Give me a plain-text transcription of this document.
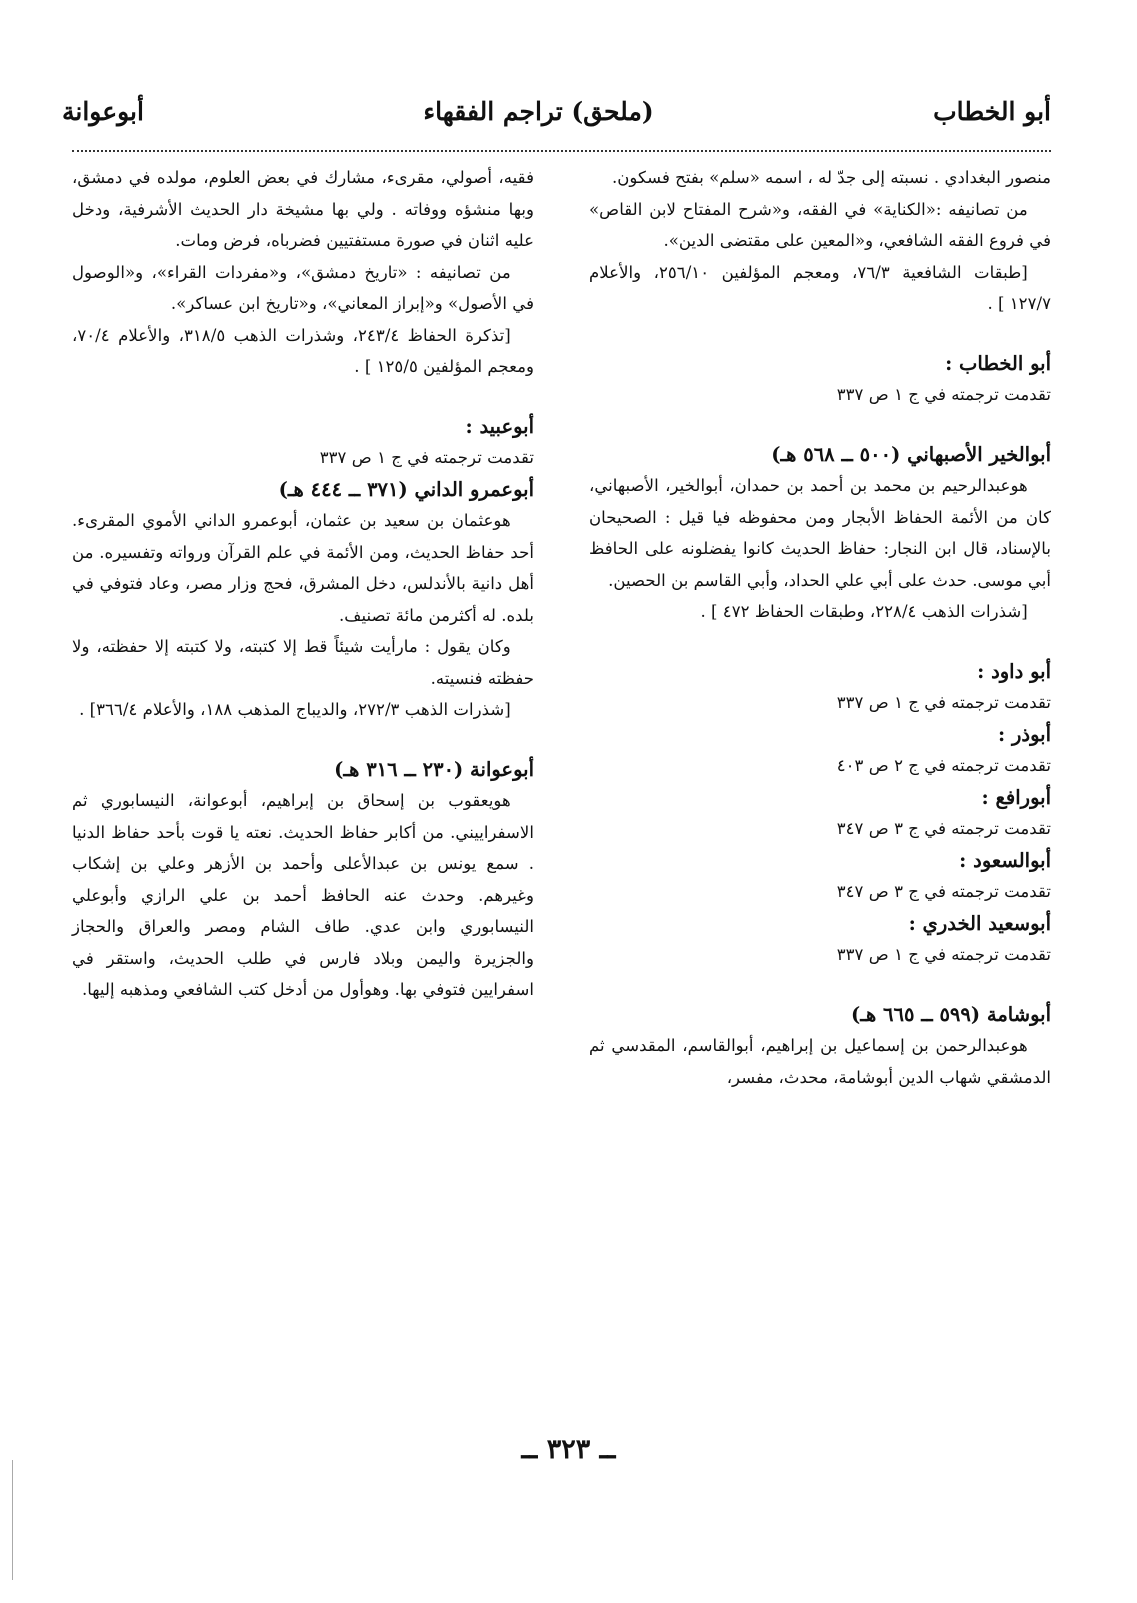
أبو الخطاب
(ملحق) تراجم الفقهاء
أبوعوانة

منصور البغدادي . نسبته إلى جدّ له ، اسمه «سلم» بفتح فسكون.

من تصانيفه :«الكناية» في الفقه، و«شرح المفتاح لابن القاص» في فروع الفقه الشافعي، و«المعين على مقتضى الدين».

[طبقات الشافعية ٧٦/٣، ومعجم المؤلفين ٢٥٦/١٠، والأعلام ١٢٧/٧ ] .

أبو الخطاب :

تقدمت ترجمته في ج ١ ص ٣٣٧

أبوالخير الأصبهاني (٥٠٠ ــ ٥٦٨ هـ)

هوعبدالرحيم بن محمد بن أحمد بن حمدان، أبوالخير، الأصبهاني، كان من الأئمة الحفاظ الأبجار ومن محفوظه فيا قيل : الصحيحان بالإسناد، قال ابن النجار: حفاظ الحديث كانوا يفضلونه على الحافظ أبي موسى. حدث على أبي علي الحداد، وأبي القاسم بن الحصين.

[شذرات الذهب ٢٢٨/٤، وطبقات الحفاظ ٤٧٢ ] .

أبو داود :

تقدمت ترجمته في ج ١ ص ٣٣٧

أبوذر :

تقدمت ترجمته في ج ٢ ص ٤٠٣

أبورافع :

تقدمت ترجمته في ج ٣ ص ٣٤٧

أبوالسعود :

تقدمت ترجمته في ج ٣ ص ٣٤٧

أبوسعيد الخدري :

تقدمت ترجمته في ج ١ ص ٣٣٧

أبوشامة (٥٩٩ ــ ٦٦٥ هـ)

هوعبدالرحمن بن إسماعيل بن إبراهيم، أبوالقاسم، المقدسي ثم الدمشقي شهاب الدين أبوشامة، محدث، مفسر،

فقيه، أصولي، مقرىء، مشارك في بعض العلوم، مولده في دمشق، وبها منشؤه ووفاته . ولي بها مشيخة دار الحديث الأشرفية، ودخل عليه اثنان في صورة مستفتيين فضرباه، فرض ومات.

من تصانيفه : «تاريخ دمشق»، و«مفردات القراء»، و«الوصول في الأصول» و«إبراز المعاني»، و«تاريخ ابن عساكر».

[تذكرة الحفاظ ٢٤٣/٤، وشذرات الذهب ٣١٨/٥، والأعلام ٧٠/٤، ومعجم المؤلفين ١٢٥/٥ ] .

أبوعبيد :

تقدمت ترجمته في ج ١ ص ٣٣٧

أبوعمرو الداني (٣٧١ ــ ٤٤٤ هـ)

هوعثمان بن سعيد بن عثمان، أبوعمرو الداني الأموي المقرىء. أحد حفاظ الحديث، ومن الأئمة في علم القرآن ورواته وتفسيره. من أهل دانية بالأندلس، دخل المشرق، فحج وزار مصر، وعاد فتوفي في بلده. له أكثرمن مائة تصنيف.

وكان يقول : مارأيت شيئاً قط إلا كتبته، ولا كتبته إلا حفظته، ولا حفظته فنسيته.

[شذرات الذهب ٢٧٢/٣، والديباج المذهب ١٨٨، والأعلام ٣٦٦/٤] .

أبوعوانة (٢٣٠ ــ ٣١٦ هـ)

هويعقوب بن إسحاق بن إبراهيم، أبوعوانة، النيسابوري ثم الاسفراييني. من أكابر حفاظ الحديث. نعته يا قوت بأحد حفاظ الدنيا . سمع يونس بن عبدالأعلى وأحمد بن الأزهر وعلي بن إشكاب وغيرهم. وحدث عنه الحافظ أحمد بن علي الرازي وأبوعلي النيسابوري وابن عدي. طاف الشام ومصر والعراق والحجاز والجزيرة واليمن وبلاد فارس في طلب الحديث، واستقر في اسفرايين فتوفي بها. وهوأول من أدخل كتب الشافعي ومذهبه إليها.

ــ ٣٢٣ ــ
